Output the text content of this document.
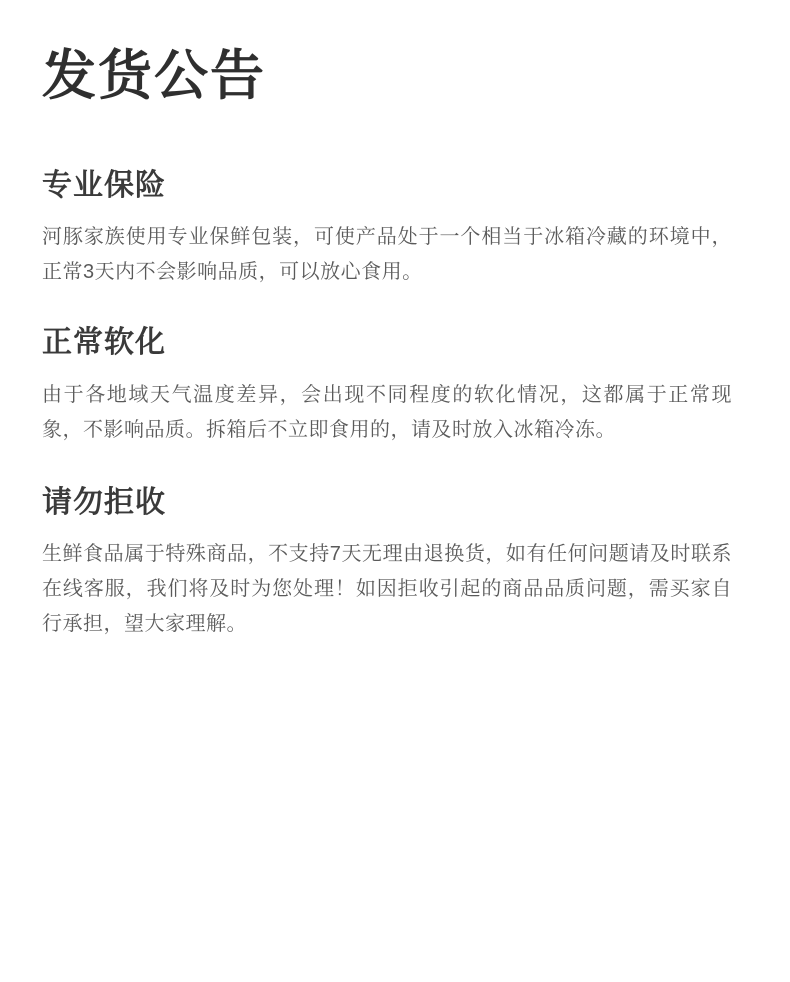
发货公告
专业保险

河豚家族使用专业保鲜包装，可使产品处于一个相当于冰箱冷藏的环境中，正常3天内不会影响品质，可以放心食用。

正常软化

由于各地域天气温度差异，会出现不同程度的软化情况，这都属于正常现象，不影响品质。拆箱后不立即食用的，请及时放入冰箱冷冻。

请勿拒收

生鲜食品属于特殊商品，不支持7天无理由退换货，如有任何问题请及时联系在线客服，我们将及时为您处理！如因拒收引起的商品品质问题，需买家自行承担，望大家理解。
